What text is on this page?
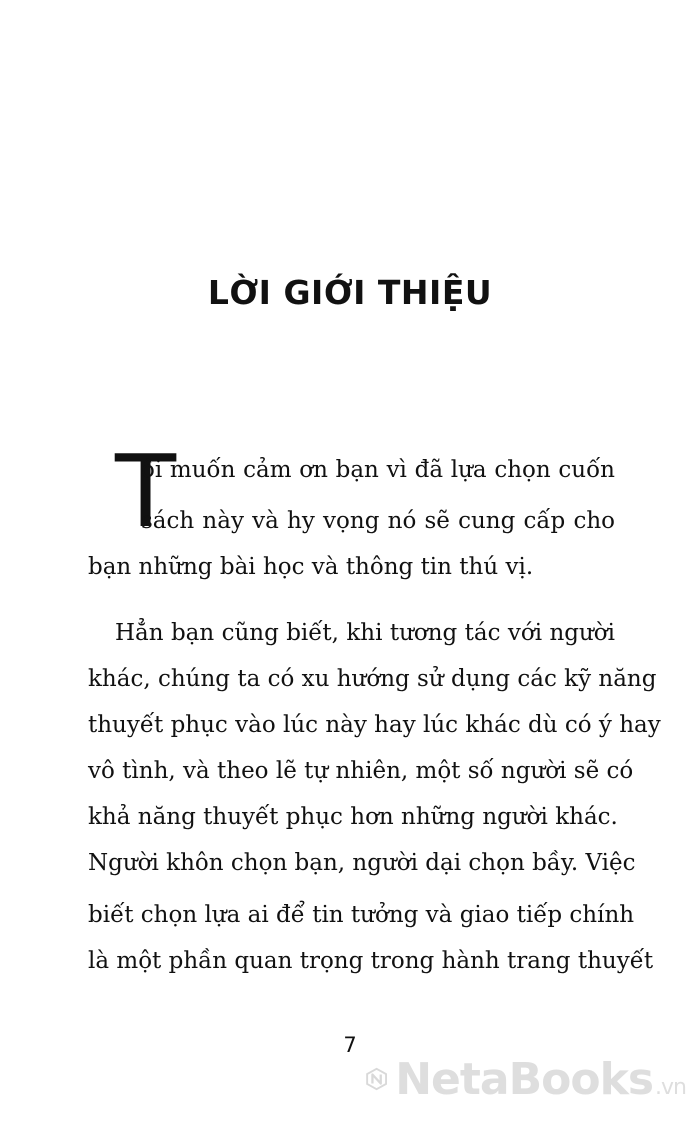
LỜI GIỚI THIỆU
T
ôi muốn cảm ơn bạn vì đã lựa chọn cuốn
sách này và hy vọng nó sẽ cung cấp cho
bạn những bài học và thông tin thú vị.
Hẳn bạn cũng biết, khi tương tác với người
khác, chúng ta có xu hướng sử dụng các kỹ năng
thuyết phục vào lúc này hay lúc khác dù có ý hay
vô tình, và theo lẽ tự nhiên, một số người sẽ có
khả năng thuyết phục hơn những người khác.
Người khôn chọn bạn, người dại chọn bầy. Việc
biết chọn lựa ai để tin tưởng và giao tiếp chính
là một phần quan trọng trong hành trang thuyết
7
NetaBooks.vn
